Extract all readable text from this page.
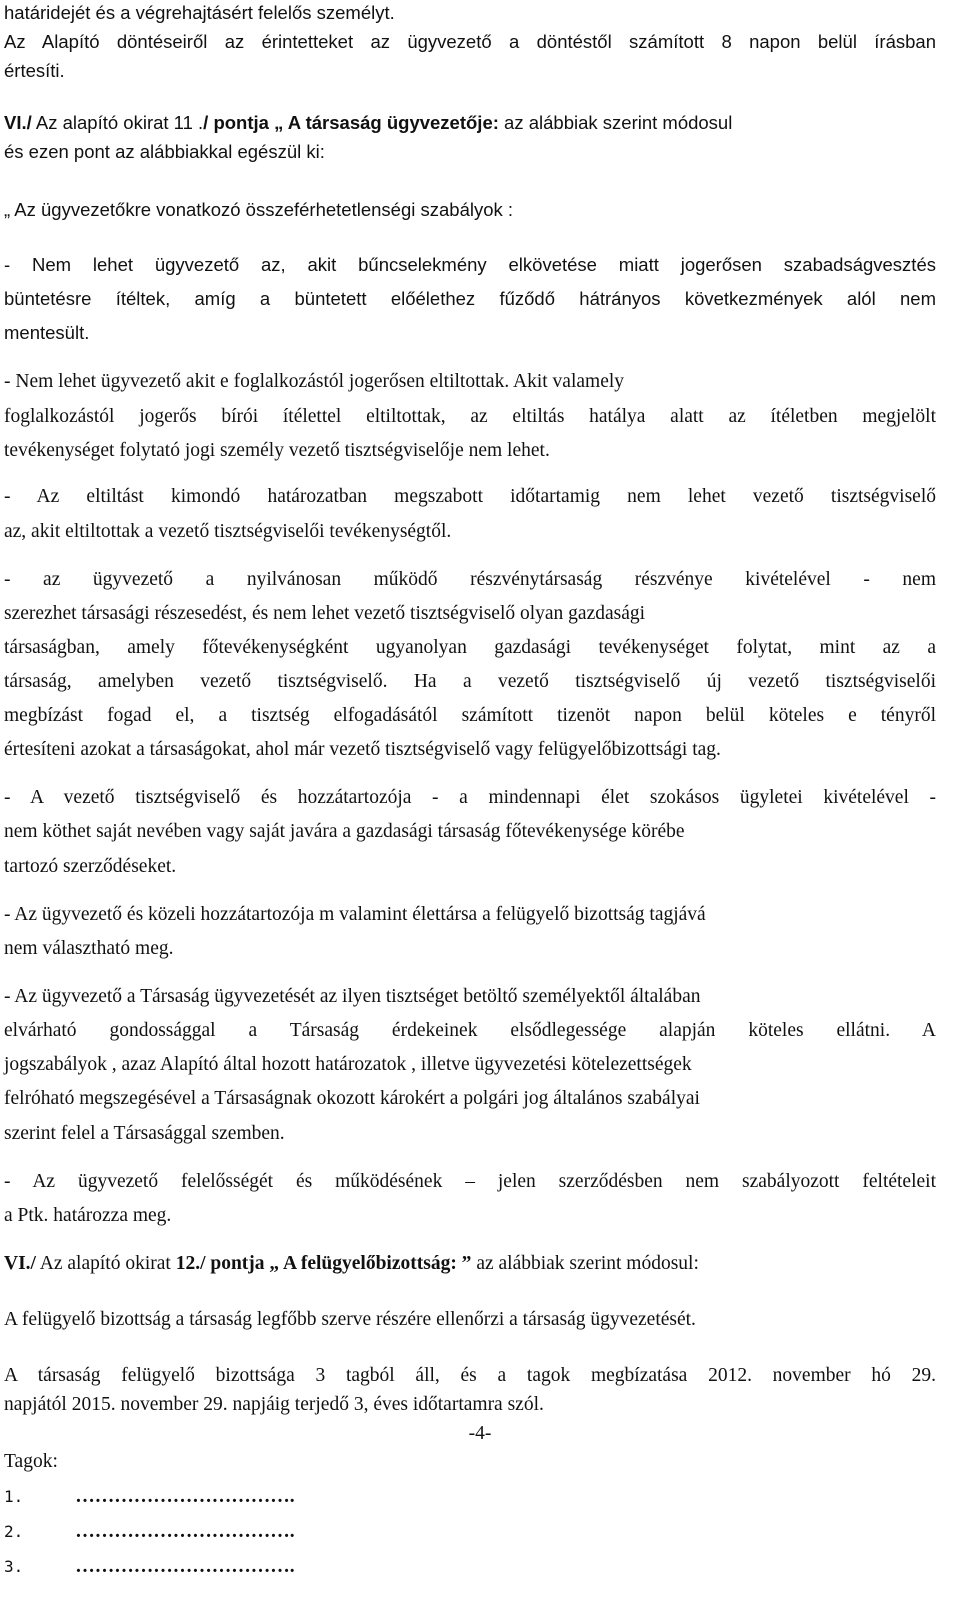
határidejét és a végrehajtásért felelős személyt.
Az Alapító döntéseiről az érintetteket az ügyvezető a döntéstől számított 8 napon belül írásban
értesíti.
VI./ Az alapító okirat 11 ./ pontja „ A társaság ügyvezetője: az alábbiak szerint módosul
és ezen pont az alábbiakkal egészül ki:
„ Az ügyvezetőkre vonatkozó összeférhetetlenségi szabályok :
- Nem lehet ügyvezető az, akit bűncselekmény elkövetése miatt jogerősen szabadságvesztés
büntetésre ítéltek, amíg a büntetett előélethez fűződő hátrányos következmények alól nem
mentesült.
- Nem lehet ügyvezető akit e foglalkozástól jogerősen eltiltottak. Akit valamely
foglalkozástól jogerős bírói ítélettel eltiltottak, az eltiltás hatálya alatt az ítéletben megjelölt
tevékenységet folytató jogi személy vezető tisztségviselője nem lehet.
- Az eltiltást kimondó határozatban megszabott időtartamig nem lehet vezető tisztségviselő
az, akit eltiltottak a vezető tisztségviselői tevékenységtől.
- az ügyvezető a nyilvánosan működő részvénytársaság részvénye kivételével - nem
szerezhet társasági részesedést, és nem lehet vezető tisztségviselő olyan gazdasági
társaságban, amely főtevékenységként ugyanolyan gazdasági tevékenységet folytat, mint az a
társaság, amelyben vezető tisztségviselő. Ha a vezető tisztségviselő új vezető tisztségviselői
megbízást fogad el, a tisztség elfogadásától számított tizenöt napon belül köteles e tényről
értesíteni azokat a társaságokat, ahol már vezető tisztségviselő vagy felügyelőbizottsági tag.
- A vezető tisztségviselő és hozzátartozója - a mindennapi élet szokásos ügyletei kivételével -
nem köthet saját nevében vagy saját javára a gazdasági társaság főtevékenysége körébe
tartozó szerződéseket.
- Az ügyvezető és közeli hozzátartozója m valamint élettársa a felügyelő bizottság tagjává
nem választható meg.
- Az ügyvezető a Társaság ügyvezetését az ilyen tisztséget betöltő személyektől általában
elvárható gondossággal a Társaság érdekeinek elsődlegessége alapján köteles ellátni. A
jogszabályok , azaz Alapító által hozott határozatok , illetve ügyvezetési kötelezettségek
felróható megszegésével a Társaságnak okozott károkért a polgári jog általános szabályai
szerint felel a Társasággal szemben.
- Az ügyvezető felelősségét és működésének – jelen szerződésben nem szabályozott feltételeit
a Ptk. határozza meg.
VI./ Az alapító okirat 12./ pontja „ A felügyelőbizottság: ” az alábbiak szerint módosul:
A felügyelő bizottság a társaság legfőbb szerve részére ellenőrzi a társaság ügyvezetését.
A társaság felügyelő bizottsága 3 tagból áll, és a tagok megbízatása 2012. november hó 29.
napjától 2015. november 29. napjáig terjedő 3, éves időtartamra szól.
Tagok:
-4-
1.	…………………………….
2.	…………………………….
3.	…………………………….
